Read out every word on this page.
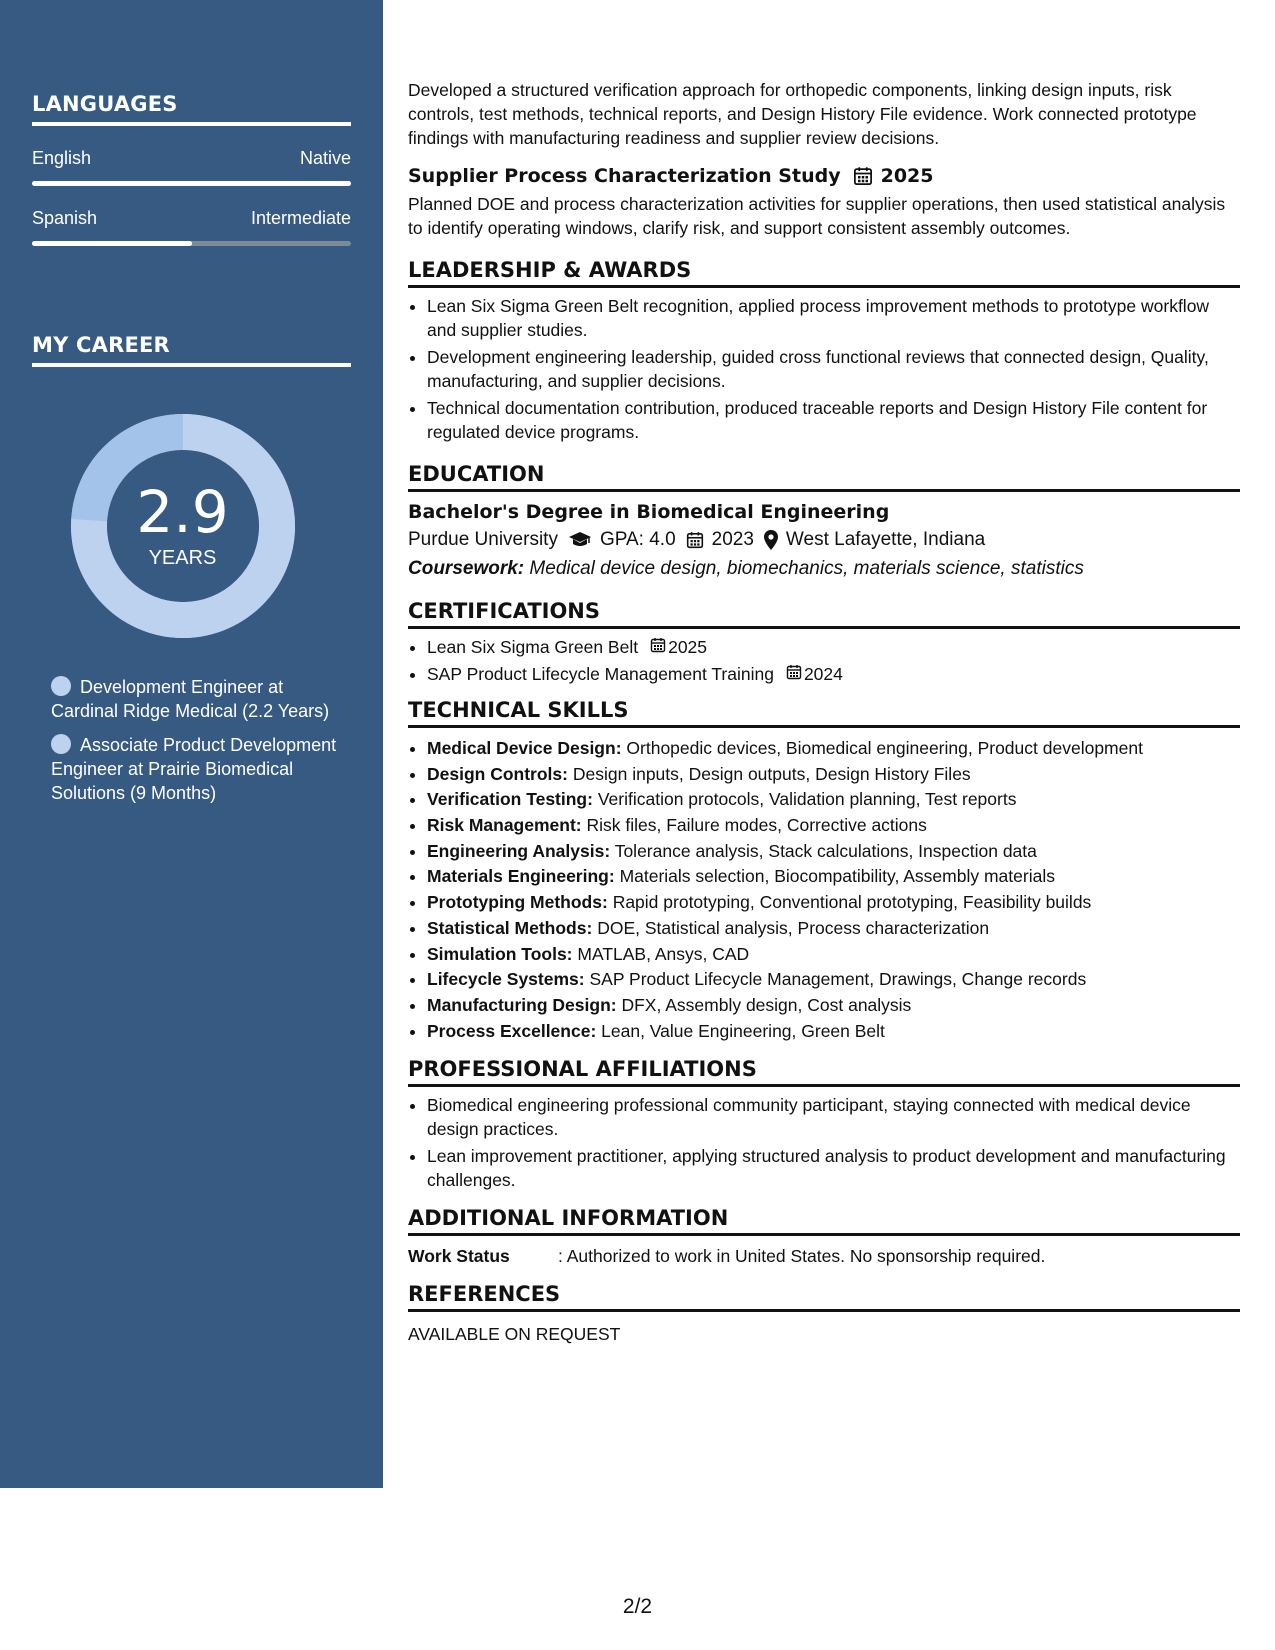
LANGUAGES
English	Native
Spanish	Intermediate
MY CAREER
2.9
YEARS
Development Engineer at Cardinal Ridge Medical (2.2 Years)
Associate Product Development Engineer at Prairie Biomedical Solutions (9 Months)

Developed a structured verification approach for orthopedic components, linking design inputs, risk controls, test methods, technical reports, and Design History File evidence. Work connected prototype findings with manufacturing readiness and supplier review decisions.

Supplier Process Characterization Study 2025

Planned DOE and process characterization activities for supplier operations, then used statistical analysis to identify operating windows, clarify risk, and support consistent assembly outcomes.

LEADERSHIP & AWARDS
• Lean Six Sigma Green Belt recognition, applied process improvement methods to prototype workflow and supplier studies.
• Development engineering leadership, guided cross functional reviews that connected design, Quality, manufacturing, and supplier decisions.
• Technical documentation contribution, produced traceable reports and Design History File content for regulated device programs.
EDUCATION
Bachelor's Degree in Biomedical Engineering
Purdue University GPA: 4.0 2023 West Lafayette, Indiana
Coursework: Medical device design, biomechanics, materials science, statistics
CERTIFICATIONS
• Lean Six Sigma Green Belt 2025
• SAP Product Lifecycle Management Training 2024
TECHNICAL SKILLS
• Medical Device Design: Orthopedic devices, Biomedical engineering, Product development
• Design Controls: Design inputs, Design outputs, Design History Files
• Verification Testing: Verification protocols, Validation planning, Test reports
• Risk Management: Risk files, Failure modes, Corrective actions
• Engineering Analysis: Tolerance analysis, Stack calculations, Inspection data
• Materials Engineering: Materials selection, Biocompatibility, Assembly materials
• Prototyping Methods: Rapid prototyping, Conventional prototyping, Feasibility builds
• Statistical Methods: DOE, Statistical analysis, Process characterization
• Simulation Tools: MATLAB, Ansys, CAD
• Lifecycle Systems: SAP Product Lifecycle Management, Drawings, Change records
• Manufacturing Design: DFX, Assembly design, Cost analysis
• Process Excellence: Lean, Value Engineering, Green Belt
PROFESSIONAL AFFILIATIONS
• Biomedical engineering professional community participant, staying connected with medical device design practices.
• Lean improvement practitioner, applying structured analysis to product development and manufacturing challenges.
ADDITIONAL INFORMATION
Work Status	: Authorized to work in United States. No sponsorship required.
REFERENCES
AVAILABLE ON REQUEST
2/2
